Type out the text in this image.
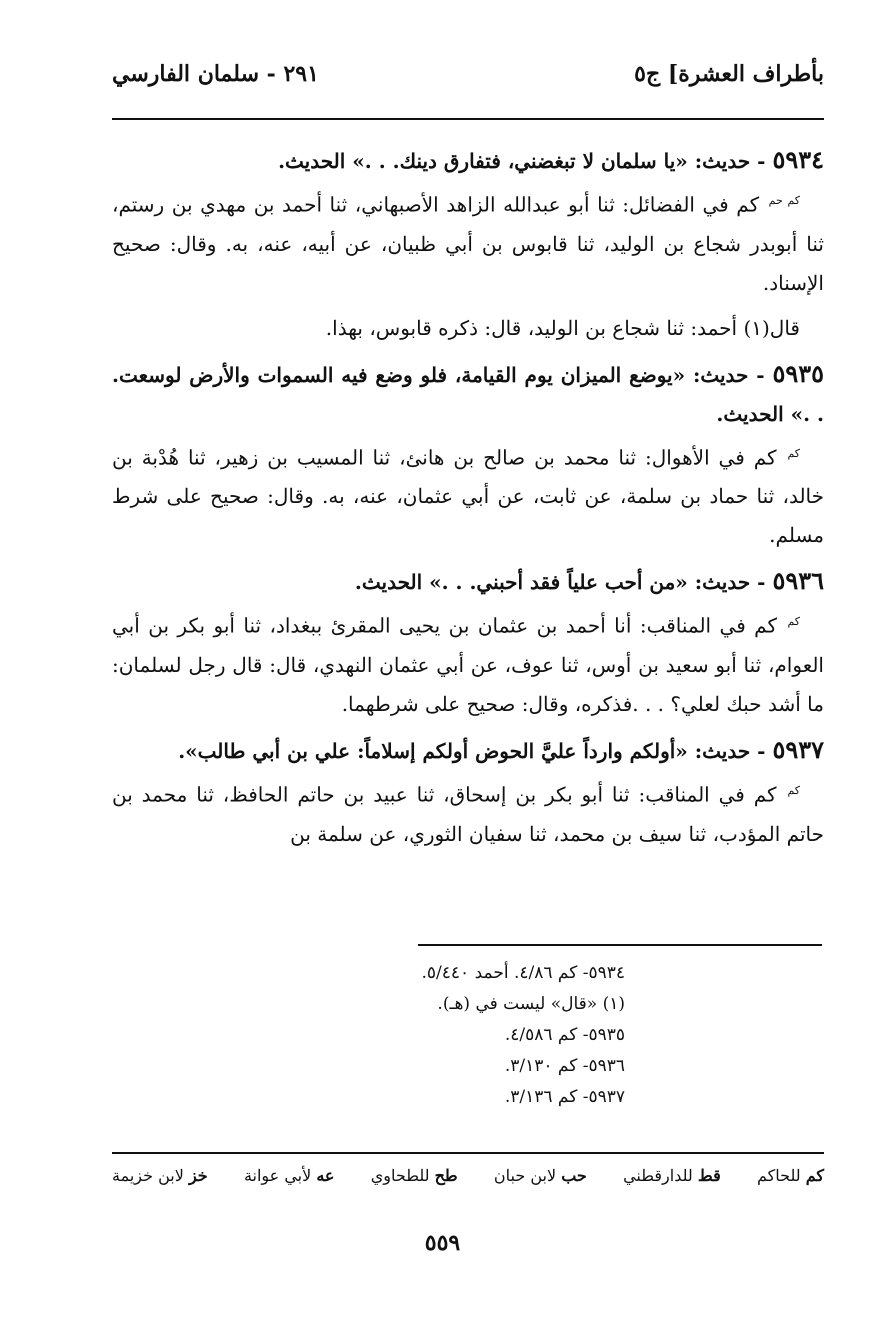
بأطراف العشرة] ج٥
٢٩١ - سلمان الفارسي

٥٩٣٤ - حديث: «يا سلمان لا تبغضني، فتفارق دينك. . .» الحديث.

$^{كم حم}$ كم في الفضائل: ثنا أبو عبدالله الزاهد الأصبهاني، ثنا أحمد بن مهدي بن رستم، ثنا أبوبدر شجاع بن الوليد، ثنا قابوس بن أبي ظبيان، عن أبيه، عنه، به. وقال: صحيح الإسناد.

قال(١) أحمد: ثنا شجاع بن الوليد، قال: ذكره قابوس، بهذا.

٥٩٣٥ - حديث: «يوضع الميزان يوم القيامة، فلو وضع فيه السموات والأرض لوسعت. . .» الحديث.

$^{كم}$ كم في الأهوال: ثنا محمد بن صالح بن هانئ، ثنا المسيب بن زهير، ثنا هُدْبة بن خالد، ثنا حماد بن سلمة، عن ثابت، عن أبي عثمان، عنه، به. وقال: صحيح على شرط مسلم.

٥٩٣٦ - حديث: «من أحب علياً فقد أحبني. . .» الحديث.

$^{كم}$ كم في المناقب: أنا أحمد بن عثمان بن يحيى المقرئ ببغداد، ثنا أبو بكر بن أبي العوام، ثنا أبو سعيد بن أوس، ثنا عوف، عن أبي عثمان النهدي، قال: قال رجل لسلمان: ما أشد حبك لعلي؟ . . .فذكره، وقال: صحيح على شرطهما.

٥٩٣٧ - حديث: «أولكم وارداً عليَّ الحوض أولكم إسلاماً: علي بن أبي طالب».

$^{كم}$ كم في المناقب: ثنا أبو بكر بن إسحاق، ثنا عبيد بن حاتم الحافظ، ثنا محمد بن حاتم المؤدب، ثنا سيف بن محمد، ثنا سفيان الثوري، عن سلمة بن

٥٩٣٤- كم ٤/٨٦. أحمد ٥/٤٤٠.
(١) «قال» ليست في (هـ).
٥٩٣٥- كم ٤/٥٨٦.
٥٩٣٦- كم ٣/١٣٠.
٥٩٣٧- كم ٣/١٣٦.
كم للحاكم
قط للدارقطني
حب لابن حبان
طح للطحاوي
عه لأبي عوانة
خز لابن خزيمة
٥٥٩
